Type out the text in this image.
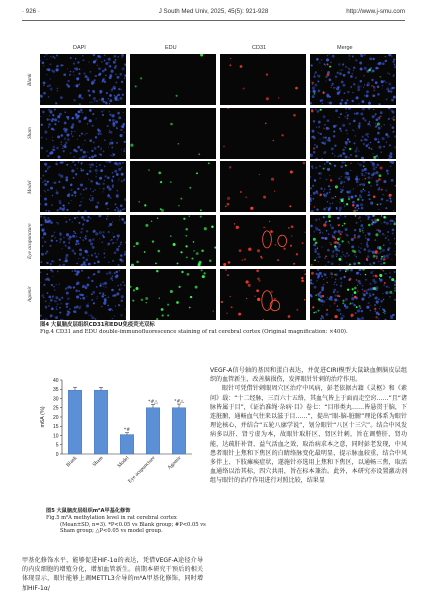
· 926 ·	J South Med Univ, 2025, 45(5): 921-928	http://www.j-smu.com
DAPI	EDU	CD31	Merge
Blank
Sham
Model
Eye acupuncture
Agomir
图4 大鼠脑皮层组织CD31和EDU免疫荧光双标
Fig.4 CD31 and EDU double-immunofluorescence staining of rat cerebral cortex (Original magnification: ×400).
0
5
10
15
20
25
30
35
40
m6A (%)
Blank Sham
*#
Model
*#△
Eye acupuncture
*#△
Agomir
图5 大鼠脑皮层组织m⁶A甲基化修饰
Fig.5 m⁶A methylation level in rat cerebral cortex
(Mean±SD, n=3). *P<0.05 vs Blank group; #P<0.05 vs
Sham group; △P<0.05 vs model group.

VEGF-A信号轴的基因和蛋白表达，并促进CIRI模型大鼠缺血侧脑皮层组织的血管新生，改善脑损伤，发挥眼针针刺的治疗作用。

眼针可凭借针刺眼周穴区治疗中风病，彭老依据古籍《灵枢》和《素问》载：“十二经脉，三百六十五络，其血气皆上于面而走空窍……”且“诸脉皆属于目”，《证治准绳·杂病·目》卷七：“目形类丸……皆悬贯于脑，下连脏腑，通畅血气往来以滋于目……”，提出“眼-脑-脏腑”理论体系为眼针理论核心，并结合“五轮八廓学说”，划分眼针“八区十三穴”。结合中风发病多以肝、肾亏虚为本，故眼针取肝区、肾区针刺，旨在调整肝、肾功能，达疏肝补肾、益气活血之效，取治病求本之意，同时彭老发现，中风患者眼针上焦和下焦区的白睛络脉变化最明显，提示脉血较重，结合中风多伴上、下肢瘫痪症状，遂施针亦选用上焦和下焦区，以通畅三焦，取活血通络以治其标，四穴共用，旨在标本兼治。此外，本研究亦设置激动剂组与眼针的治疗作用进行对照比较，结果显

甲基化修饰水平，能够促进HIF-1α的表达，凭借VEGF-A途径介导的内皮细胞的增殖分化，增加血管新生。前期本研究干预后的相关体现显示，眼针能够上调METTL3介导的m⁶A甲基化修饰，同时增加HIF-1α/
